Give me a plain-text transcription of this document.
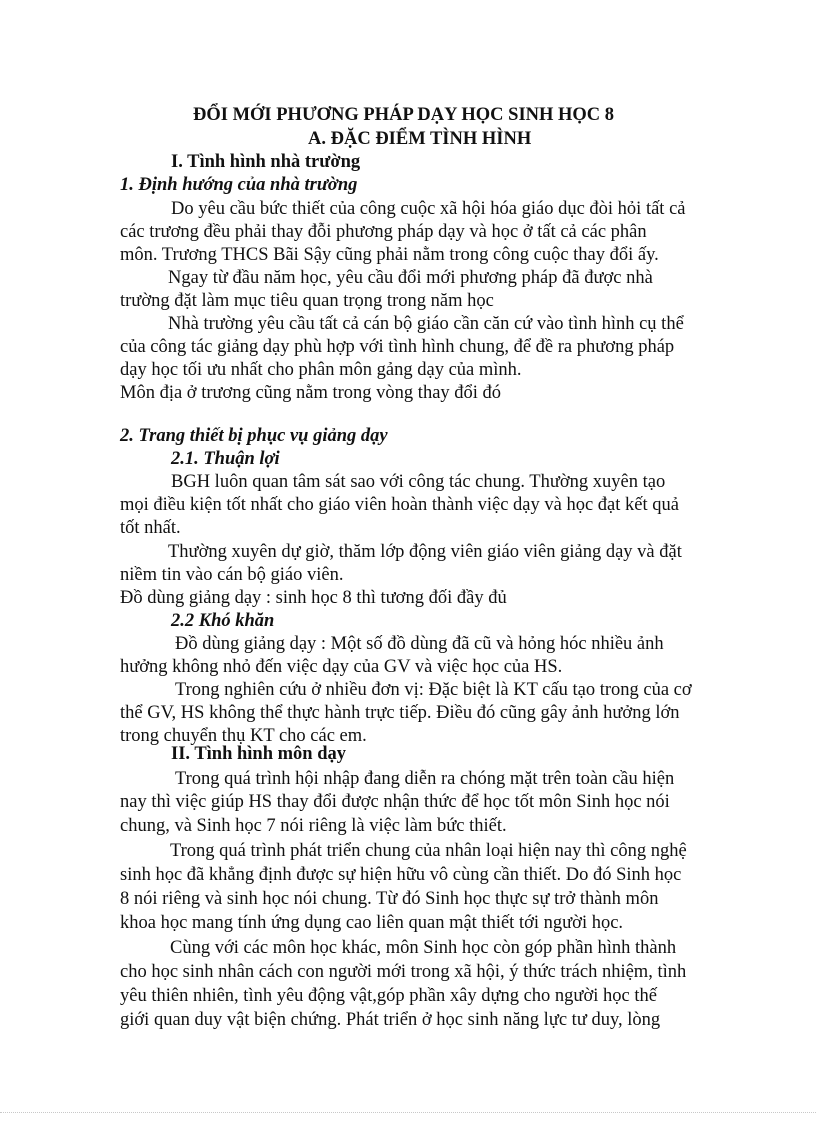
ĐỔI MỚI PHƯƠNG PHÁP DẠY HỌC SINH HỌC 8
A. ĐẶC ĐIỂM TÌNH HÌNH
I. Tình hình nhà trường
1. Định hướng của nhà trường
Do yêu cầu bức thiết của công cuộc xã hội hóa giáo dục đòi hỏi tất cả
các trương đều phải thay đỗi phương pháp dạy và học ở tất cả các phân
môn. Trương THCS Bãi Sậy cũng phải nằm trong công cuộc thay đổi ấy.
Ngay từ đầu năm học, yêu cầu đổi mới phương pháp đã được nhà
trường đặt làm mục tiêu quan trọng trong năm học
Nhà trường yêu cầu tất cả cán bộ giáo cần căn cứ vào tình hình cụ thể
của công tác giảng dạy phù hợp với tình hình chung, để đề ra phương pháp
dạy học tối ưu nhất cho phân môn gảng dạy của mình.
Môn địa ở trương cũng nằm trong vòng thay đổi đó
2. Trang thiết bị phục vụ giảng dạy
2.1. Thuận lợi
BGH luôn quan tâm sát sao với công tác chung. Thường xuyên tạo
mọi điều kiện tốt nhất cho giáo viên hoàn thành việc dạy và học đạt kết quả
tốt nhất.
Thường xuyên dự giờ, thăm lớp động viên giáo viên giảng dạy và đặt
niềm tin vào cán bộ giáo viên.
Đồ dùng giảng dạy : sinh học 8 thì tương đối đầy đủ
2.2 Khó khăn
Đồ dùng giảng dạy : Một số đồ dùng đã cũ và hỏng hóc nhiều ảnh
hưởng không nhỏ đến việc dạy của GV và việc học của HS.
Trong nghiên cứu ở nhiều đơn vị: Đặc biệt là KT cấu tạo trong của cơ
thể GV, HS không thể thực hành trực tiếp. Điều đó cũng gây ảnh hưởng lớn
trong chuyển thụ KT cho các em.
II. Tình hình môn dạy
Trong quá trình hội nhập đang diễn ra chóng mặt trên toàn cầu hiện
nay thì việc giúp HS thay đổi được nhận thức để học tốt môn Sinh học nói
chung, và Sinh học 7 nói riêng là việc làm bức thiết.
Trong quá trình phát triển chung của nhân loại hiện nay thì công nghệ
sinh học đã khẳng định được sự hiện hữu vô cùng cần thiết. Do đó Sinh học
8 nói riêng và sinh học nói chung. Từ đó Sinh học thực sự trở thành môn
khoa học mang tính ứng dụng cao liên quan mật thiết tới người học.
Cùng với các môn học khác, môn Sinh học còn góp phần hình thành
cho học sinh nhân cách con người mới trong xã hội, ý thức trách nhiệm, tình
yêu thiên nhiên, tình yêu động vật,góp phần xây dựng cho người học thế
giới quan duy vật biện chứng. Phát triển ở học sinh năng lực tư duy, lòng
